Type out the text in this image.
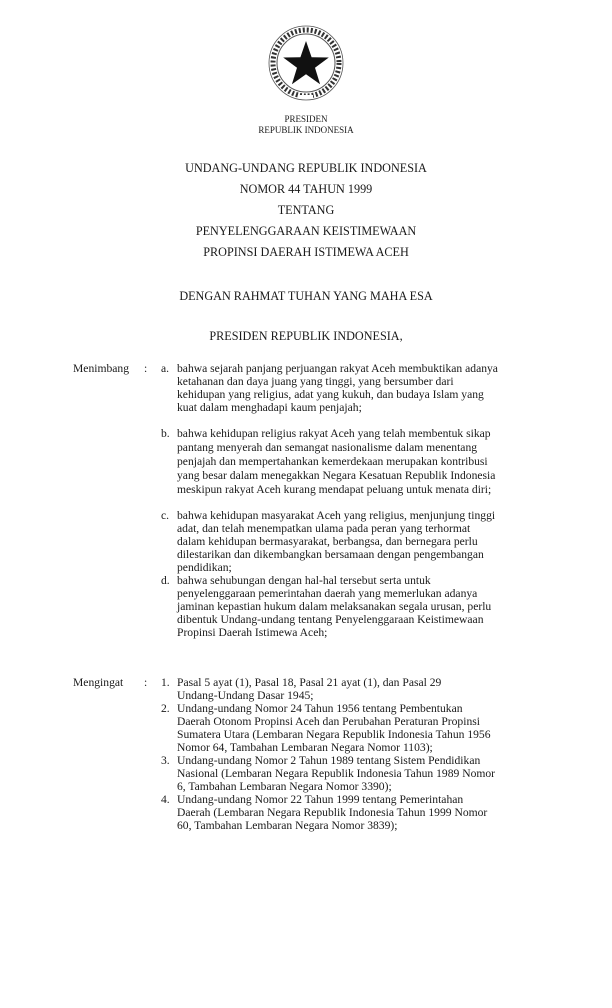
PRESIDEN
REPUBLIK INDONESIA
UNDANG-UNDANG REPUBLIK INDONESIA
NOMOR 44 TAHUN 1999
TENTANG
PENYELENGGARAAN KEISTIMEWAAN
PROPINSI DAERAH ISTIMEWA ACEH
DENGAN RAHMAT TUHAN YANG MAHA ESA
PRESIDEN REPUBLIK INDONESIA,
Menimbang : a. bahwa sejarah panjang perjuangan rakyat Aceh membuktikan adanya
ketahanan dan daya juang yang tinggi, yang bersumber dari
kehidupan yang religius, adat yang kukuh, dan budaya Islam yang
kuat dalam menghadapi kaum penjajah;
b. bahwa kehidupan religius rakyat Aceh yang telah membentuk sikap
pantang menyerah dan semangat nasionalisme dalam menentang
penjajah dan mempertahankan kemerdekaan merupakan kontribusi
yang besar dalam menegakkan Negara Kesatuan Republik Indonesia
meskipun rakyat Aceh kurang mendapat peluang untuk menata diri;
c. bahwa kehidupan masyarakat Aceh yang religius, menjunjung tinggi
adat, dan telah menempatkan ulama pada peran yang terhormat
dalam kehidupan bermasyarakat, berbangsa, dan bernegara perlu
dilestarikan dan dikembangkan bersamaan dengan pengembangan
pendidikan;
d. bahwa sehubungan dengan hal-hal tersebut serta untuk
penyelenggaraan pemerintahan daerah yang memerlukan adanya
jaminan kepastian hukum dalam melaksanakan segala urusan, perlu
dibentuk Undang-undang tentang Penyelenggaraan Keistimewaan
Propinsi Daerah Istimewa Aceh;
Mengingat : 1. Pasal 5 ayat (1), Pasal 18, Pasal 21 ayat (1), dan Pasal 29
Undang-Undang Dasar 1945;
2. Undang-undang Nomor 24 Tahun 1956 tentang Pembentukan
Daerah Otonom Propinsi Aceh dan Perubahan Peraturan Propinsi
Sumatera Utara (Lembaran Negara Republik Indonesia Tahun 1956
Nomor 64, Tambahan Lembaran Negara Nomor 1103);
3. Undang-undang Nomor 2 Tahun 1989 tentang Sistem Pendidikan
Nasional (Lembaran Negara Republik Indonesia Tahun 1989 Nomor
6, Tambahan Lembaran Negara Nomor 3390);
4. Undang-undang Nomor 22 Tahun 1999 tentang Pemerintahan
Daerah (Lembaran Negara Republik Indonesia Tahun 1999 Nomor
60, Tambahan Lembaran Negara Nomor 3839);
